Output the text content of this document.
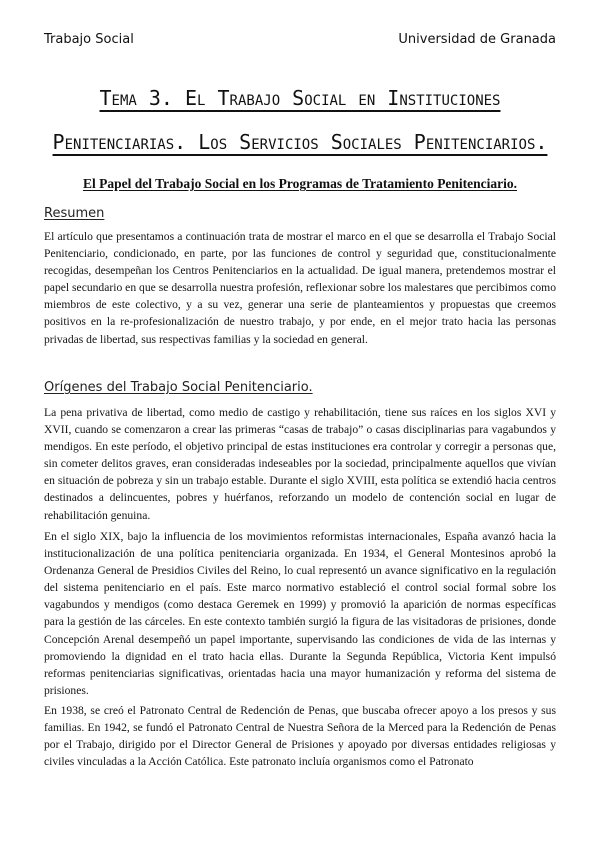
Trabajo Social	Universidad de Granada
Tema 3. El Trabajo Social en Instituciones
Penitenciarias. Los Servicios Sociales Penitenciarios.
El Papel del Trabajo Social en los Programas de Tratamiento Penitenciario.
Resumen

El artículo que presentamos a continuación trata de mostrar el marco en el que se desarrolla el Trabajo Social Penitenciario, condicionado, en parte, por las funciones de control y seguridad que, constitucionalmente recogidas, desempeñan los Centros Penitenciarios en la actualidad. De igual manera, pretendemos mostrar el papel secundario en que se desarrolla nuestra profesión, reflexionar sobre los malestares que percibimos como miembros de este colectivo, y a su vez, generar una serie de planteamientos y propuestas que creemos positivos en la re-profesionalización de nuestro trabajo, y por ende, en el mejor trato hacia las personas privadas de libertad, sus respectivas familias y la sociedad en general.

Orígenes del Trabajo Social Penitenciario.

La pena privativa de libertad, como medio de castigo y rehabilitación, tiene sus raíces en los siglos XVI y XVII, cuando se comenzaron a crear las primeras “casas de trabajo” o casas disciplinarias para vagabundos y mendigos. En este período, el objetivo principal de estas instituciones era controlar y corregir a personas que, sin cometer delitos graves, eran consideradas indeseables por la sociedad, principalmente aquellos que vivían en situación de pobreza y sin un trabajo estable. Durante el siglo XVIII, esta política se extendió hacia centros destinados a delincuentes, pobres y huérfanos, reforzando un modelo de contención social en lugar de rehabilitación genuina.

En el siglo XIX, bajo la influencia de los movimientos reformistas internacionales, España avanzó hacia la institucionalización de una política penitenciaria organizada. En 1934, el General Montesinos aprobó la Ordenanza General de Presidios Civiles del Reino, lo cual representó un avance significativo en la regulación del sistema penitenciario en el país. Este marco normativo estableció el control social formal sobre los vagabundos y mendigos (como destaca Geremek en 1999) y promovió la aparición de normas específicas para la gestión de las cárceles. En este contexto también surgió la figura de las visitadoras de prisiones, donde Concepción Arenal desempeñó un papel importante, supervisando las condiciones de vida de las internas y promoviendo la dignidad en el trato hacia ellas. Durante la Segunda República, Victoria Kent impulsó reformas penitenciarias significativas, orientadas hacia una mayor humanización y reforma del sistema de prisiones.

En 1938, se creó el Patronato Central de Redención de Penas, que buscaba ofrecer apoyo a los presos y sus familias. En 1942, se fundó el Patronato Central de Nuestra Señora de la Merced para la Redención de Penas por el Trabajo, dirigido por el Director General de Prisiones y apoyado por diversas entidades religiosas y civiles vinculadas a la Acción Católica. Este patronato incluía organismos como el Patronato
